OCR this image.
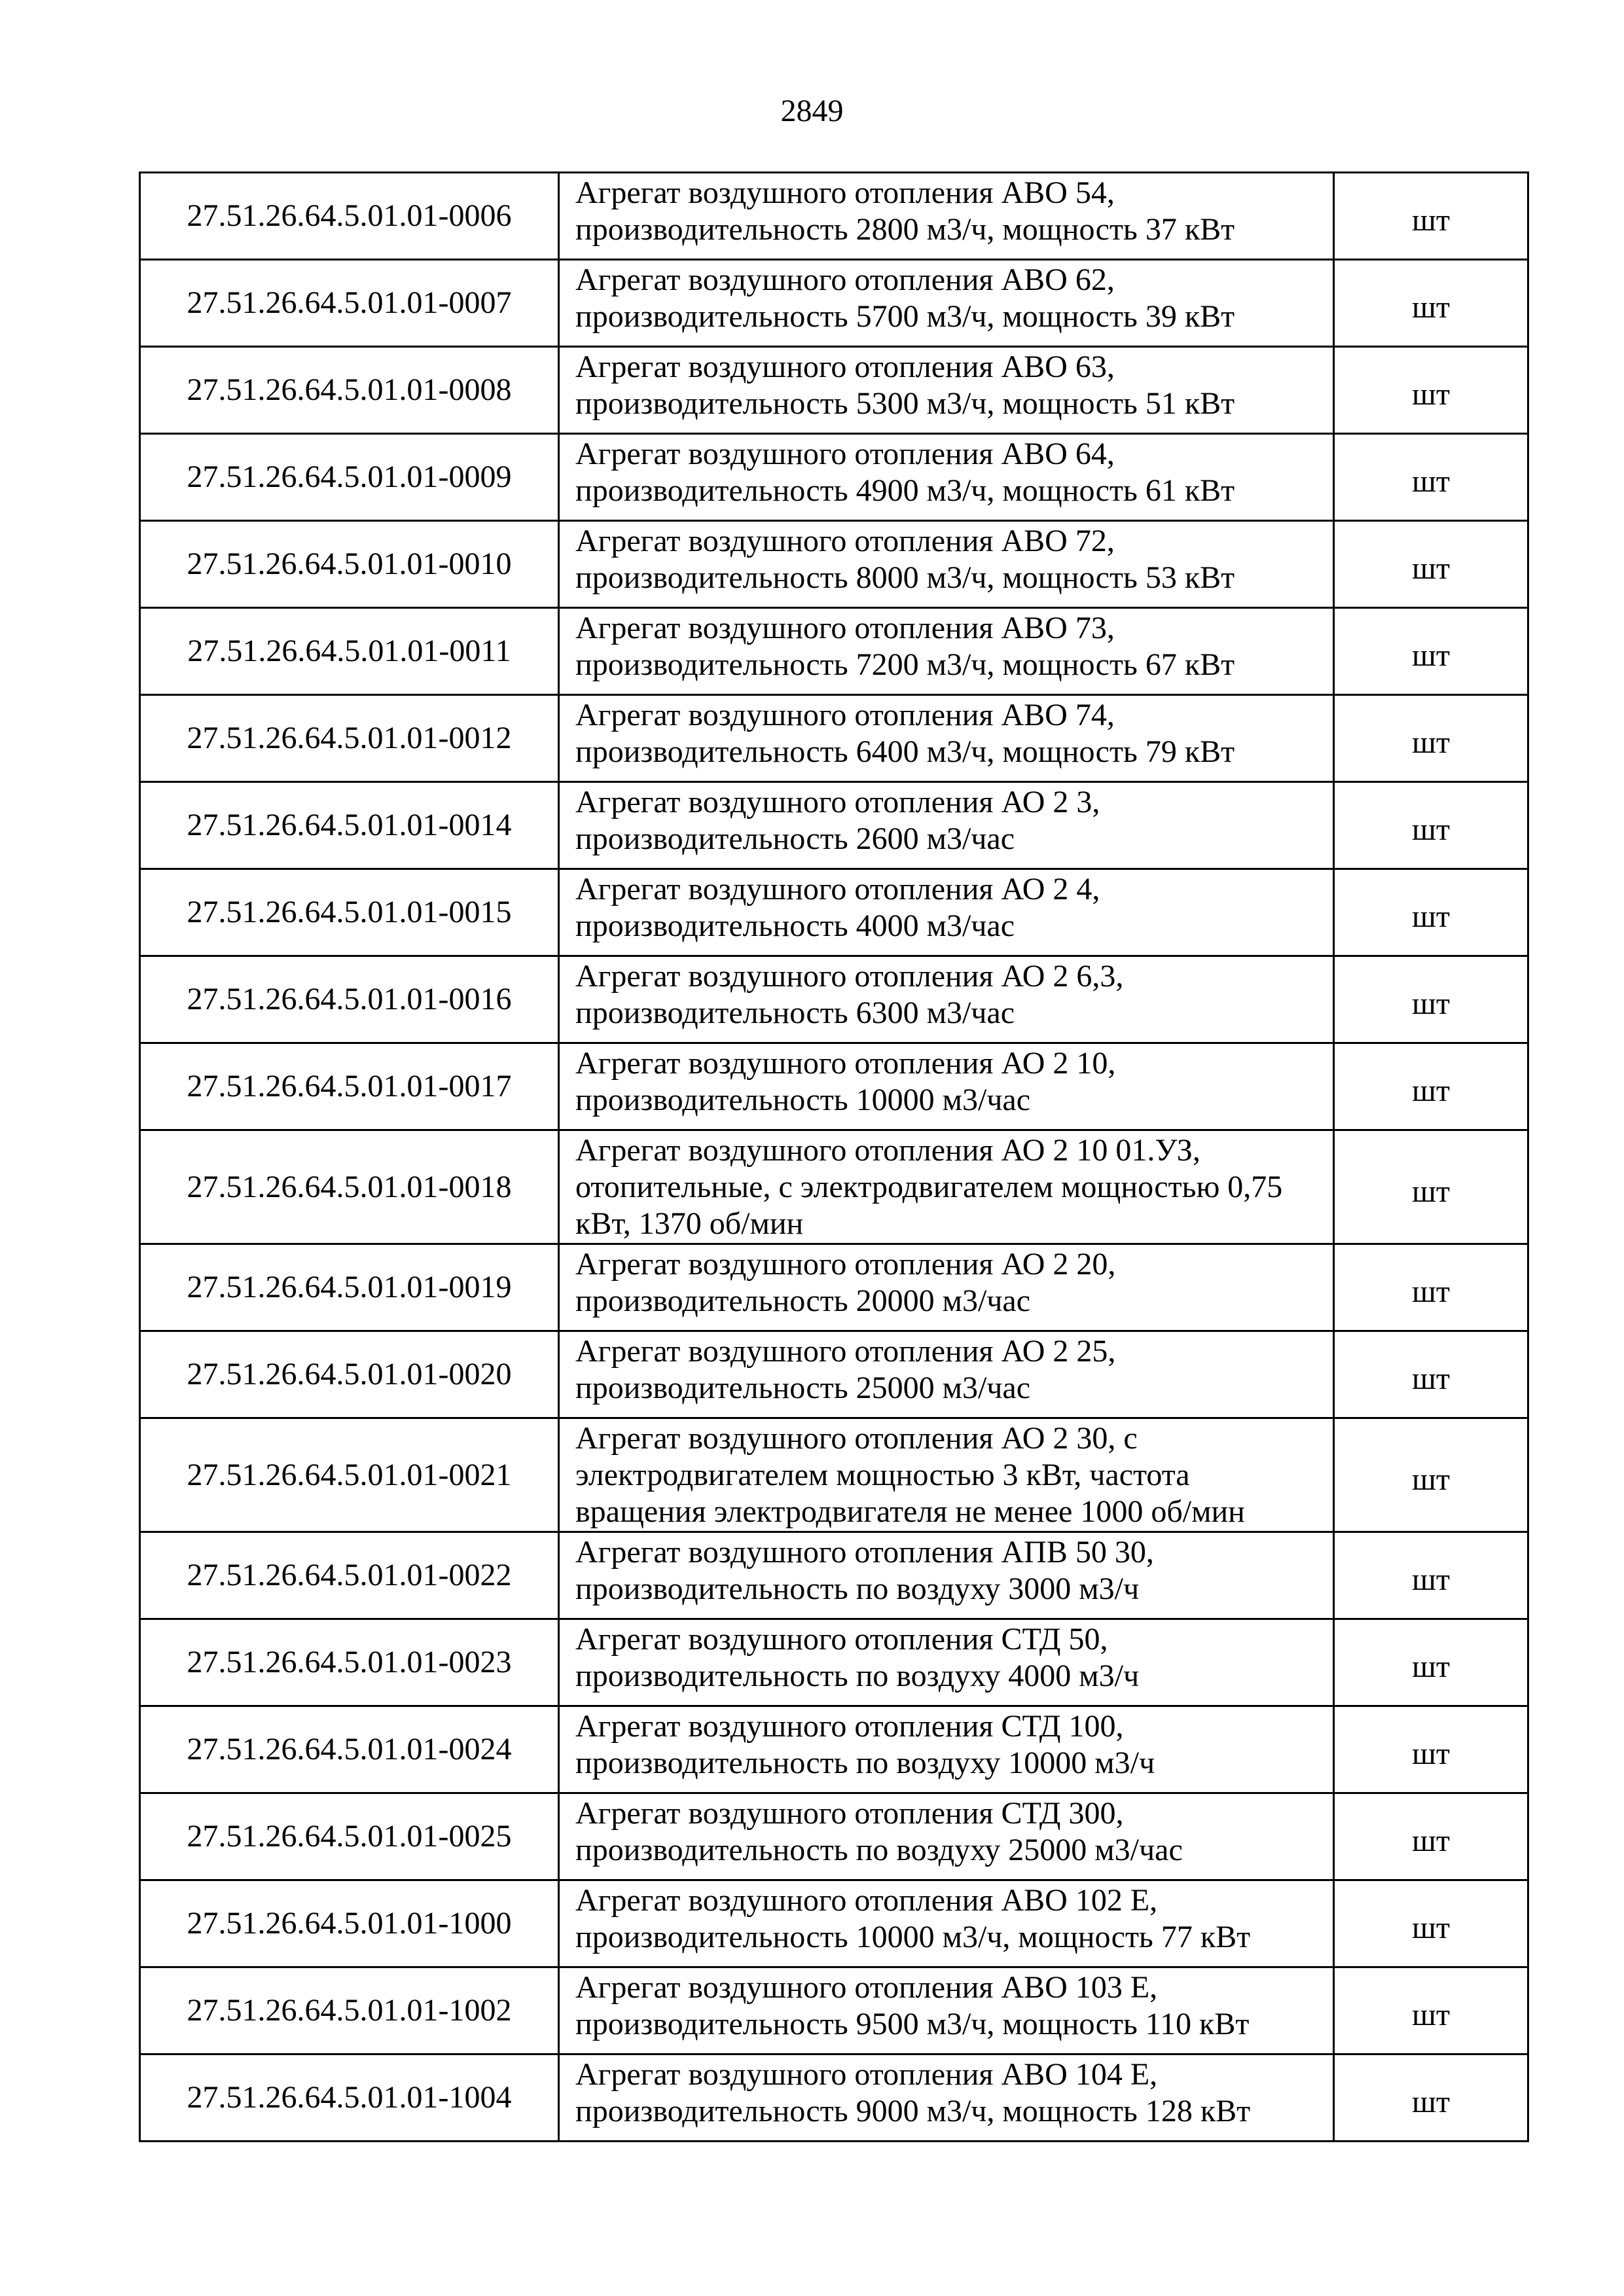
2849
27.51.26.64.5.01.01-0006	Агрегат воздушного отопления АВО 54,
производительность 2800 м3/ч, мощность 37 кВт	шт
27.51.26.64.5.01.01-0007	Агрегат воздушного отопления АВО 62,
производительность 5700 м3/ч, мощность 39 кВт	шт
27.51.26.64.5.01.01-0008	Агрегат воздушного отопления АВО 63,
производительность 5300 м3/ч, мощность 51 кВт	шт
27.51.26.64.5.01.01-0009	Агрегат воздушного отопления АВО 64,
производительность 4900 м3/ч, мощность 61 кВт	шт
27.51.26.64.5.01.01-0010	Агрегат воздушного отопления АВО 72,
производительность 8000 м3/ч, мощность 53 кВт	шт
27.51.26.64.5.01.01-0011	Агрегат воздушного отопления АВО 73,
производительность 7200 м3/ч, мощность 67 кВт	шт
27.51.26.64.5.01.01-0012	Агрегат воздушного отопления АВО 74,
производительность 6400 м3/ч, мощность 79 кВт	шт
27.51.26.64.5.01.01-0014	Агрегат воздушного отопления АО 2 3,
производительность 2600 м3/час	шт
27.51.26.64.5.01.01-0015	Агрегат воздушного отопления АО 2 4,
производительность 4000 м3/час	шт
27.51.26.64.5.01.01-0016	Агрегат воздушного отопления АО 2 6,3,
производительность 6300 м3/час	шт
27.51.26.64.5.01.01-0017	Агрегат воздушного отопления АО 2 10,
производительность 10000 м3/час	шт
27.51.26.64.5.01.01-0018	Агрегат воздушного отопления АО 2 10 01.УЗ,
отопительные, с электродвигателем мощностью 0,75
кВт, 1370 об/мин	шт
27.51.26.64.5.01.01-0019	Агрегат воздушного отопления АО 2 20,
производительность 20000 м3/час	шт
27.51.26.64.5.01.01-0020	Агрегат воздушного отопления АО 2 25,
производительность 25000 м3/час	шт
27.51.26.64.5.01.01-0021	Агрегат воздушного отопления АО 2 30, с
электродвигателем мощностью 3 кВт, частота
вращения электродвигателя не менее 1000 об/мин	шт
27.51.26.64.5.01.01-0022	Агрегат воздушного отопления АПВ 50 30,
производительность по воздуху 3000 м3/ч	шт
27.51.26.64.5.01.01-0023	Агрегат воздушного отопления СТД 50,
производительность по воздуху 4000 м3/ч	шт
27.51.26.64.5.01.01-0024	Агрегат воздушного отопления СТД 100,
производительность по воздуху 10000 м3/ч	шт
27.51.26.64.5.01.01-0025	Агрегат воздушного отопления СТД 300,
производительность по воздуху 25000 м3/час	шт
27.51.26.64.5.01.01-1000	Агрегат воздушного отопления АВО 102 Е,
производительность 10000 м3/ч, мощность 77 кВт	шт
27.51.26.64.5.01.01-1002	Агрегат воздушного отопления АВО 103 Е,
производительность 9500 м3/ч, мощность 110 кВт	шт
27.51.26.64.5.01.01-1004	Агрегат воздушного отопления АВО 104 Е,
производительность 9000 м3/ч, мощность 128 кВт	шт
